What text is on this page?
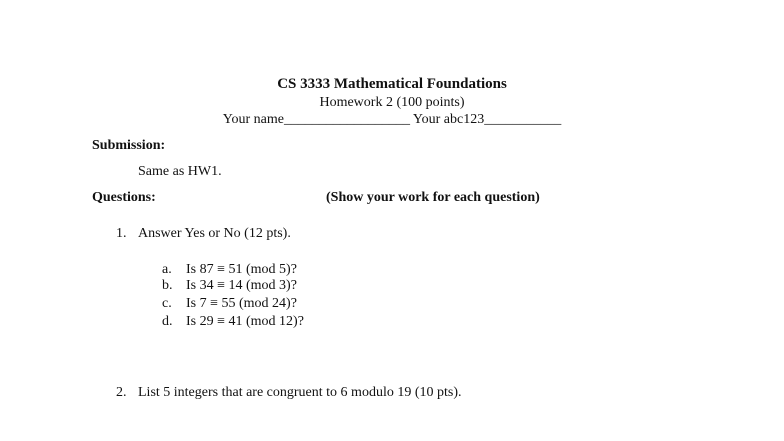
CS 3333 Mathematical Foundations
Homework 2 (100 points)
Your name__________________ Your abc123___________
Submission:
Same as HW1.
Questions:	(Show your work for each question)
1. Answer Yes or No (12 pts).
a. Is 87 ≡ 51 (mod 5)?
b. Is 34 ≡ 14 (mod 3)?
c. Is 7 ≡ 55 (mod 24)?
d. Is 29 ≡ 41 (mod 12)?
2. List 5 integers that are congruent to 6 modulo 19 (10 pts).
